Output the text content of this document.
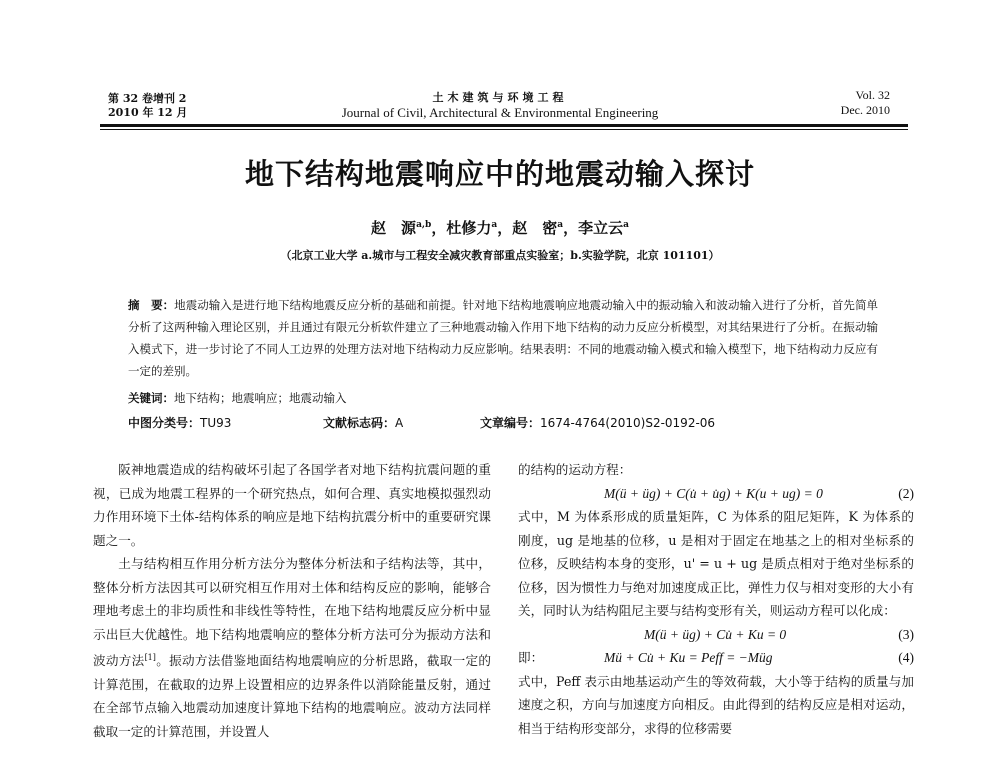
第 32 卷增刊 2
2010 年 12 月
土木建筑与环境工程
Journal of Civil, Architectural & Environmental Engineering
Vol. 32
Dec. 2010
地下结构地震响应中的地震动输入探讨
赵　源$^{a,b}$，杜修力$^a$，赵　密$^a$，李立云$^a$
（北京工业大学 a.城市与工程安全减灾教育部重点实验室；b.实验学院，北京 101101）
摘　要：地震动输入是进行地下结构地震反应分析的基础和前提。针对地下结构地震响应地震动输入中的振动输入和波动输入进行了分析，首先简单分析了这两种输入理论区别，并且通过有限元分析软件建立了三种地震动输入作用下地下结构的动力反应分析模型，对其结果进行了分析。在振动输入模式下，进一步讨论了不同人工边界的处理方法对地下结构动力反应影响。结果表明：不同的地震动输入模式和输入模型下，地下结构动力反应有一定的差别。
关键词：地下结构；地震响应；地震动输入
中图分类号：TU93	文献标志码：A	文章编号：1674-4764(2010)S2-0192-06

阪神地震造成的结构破坏引起了各国学者对地下结构抗震问题的重视，已成为地震工程界的一个研究热点，如何合理、真实地模拟强烈动力作用环境下土体-结构体系的响应是地下结构抗震分析中的重要研究课题之一。

土与结构相互作用分析方法分为整体分析法和子结构法等，其中，整体分析方法因其可以研究相互作用对土体和结构反应的影响，能够合理地考虑土的非均质性和非线性等特性，在地下结构地震反应分析中显示出巨大优越性。地下结构地震响应的整体分析方法可分为振动方法和波动方法[1]。振动方法借鉴地面结构地震响应的分析思路，截取一定的计算范围，在截取的边界上设置相应的边界条件以消除能量反射，通过在全部节点输入地震动加速度计算地下结构的地震响应。波动方法同样截取一定的计算范围，并设置人

的结构的运动方程：

M(ü + üg) + C(u̇ + u̇g) + K(u + ug) = 0	(2)

式中，M 为体系形成的质量矩阵，C 为体系的阻尼矩阵，K 为体系的刚度，ug 是地基的位移，u 是相对于固定在地基之上的相对坐标系的位移，反映结构本身的变形，u' = u + ug 是质点相对于绝对坐标系的位移，因为惯性力与绝对加速度成正比，弹性力仅与相对变形的大小有关，同时认为结构阻尼主要与结构变形有关，则运动方程可以化成：

M(ü + üg) + Cu̇ + Ku = 0	(3)
即：	Mü + Cu̇ + Ku = Peff = −Müg	(4)

式中，Peff 表示由地基运动产生的等效荷载，大小等于结构的质量与加速度之积，方向与加速度方向相反。由此得到的结构反应是相对运动，相当于结构形变部分，求得的位移需要
